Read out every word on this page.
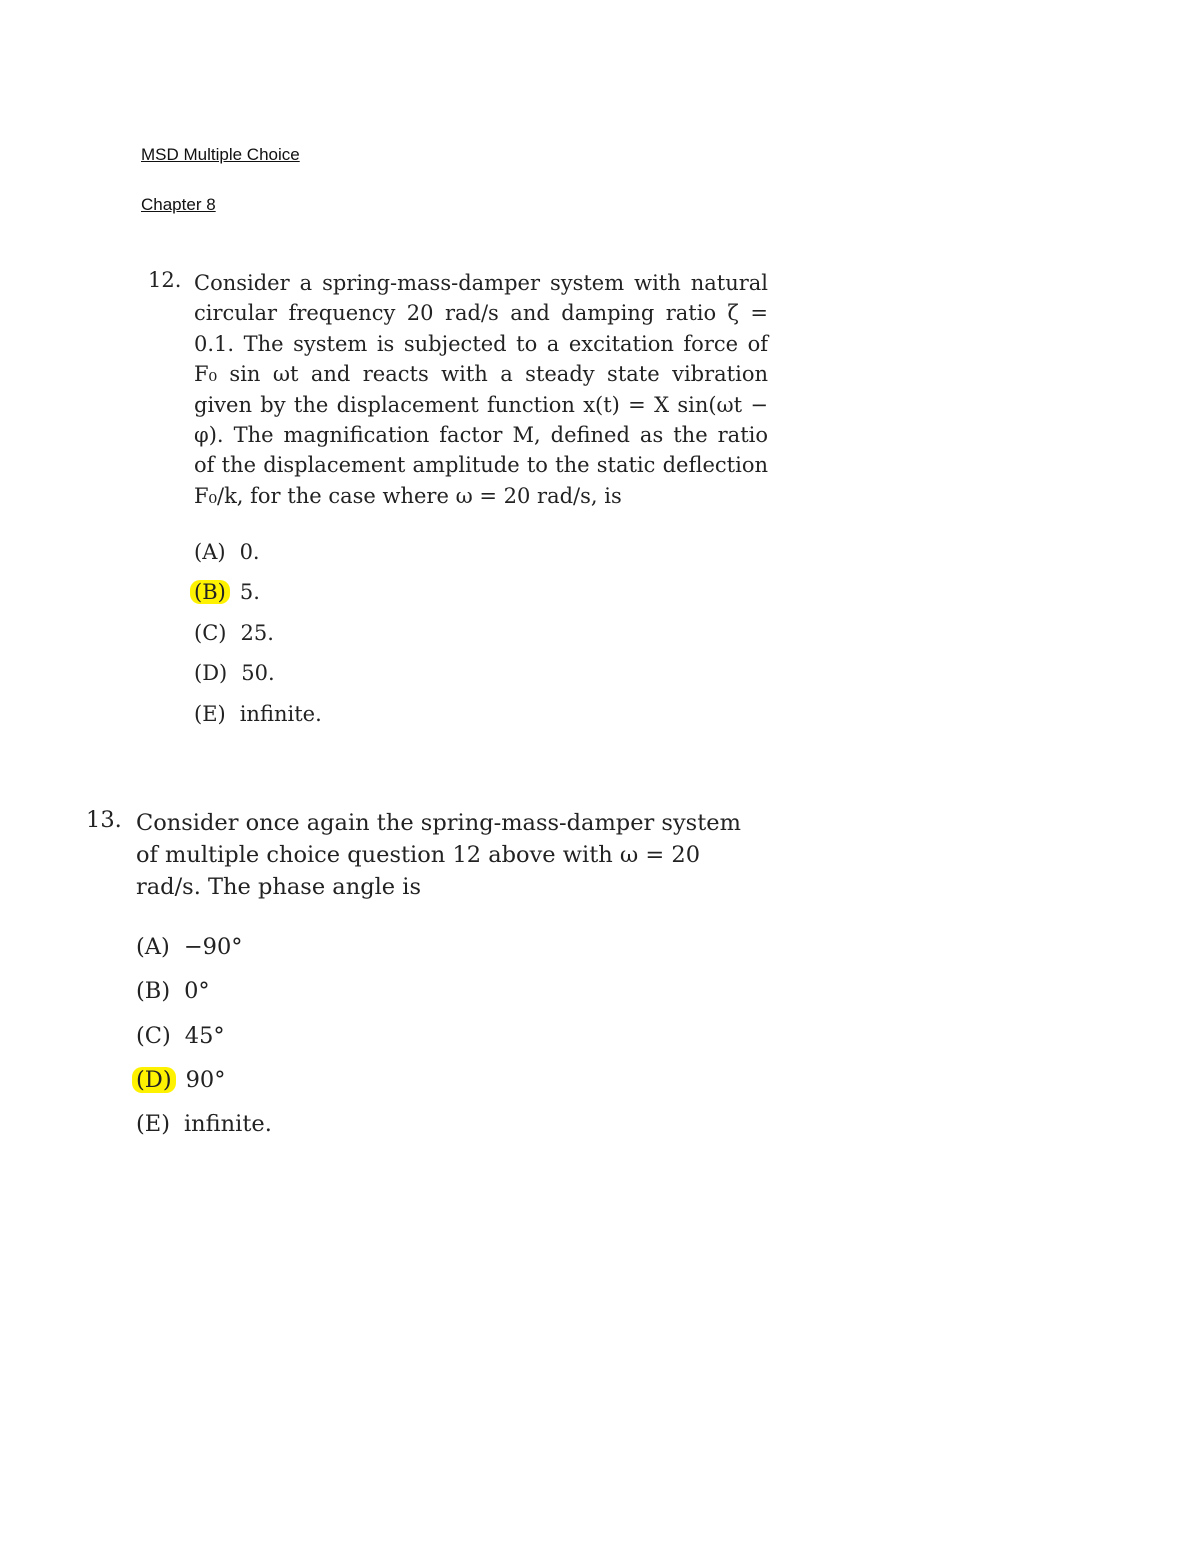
MSD Multiple Choice
Chapter 8
12. Consider a spring-mass-damper system with natural circular frequency 20 rad/s and damping ratio ζ = 0.1. The system is subjected to a excitation force of F₀ sin ωt and reacts with a steady state vibration given by the displacement function x(t) = X sin(ωt − φ). The magnification factor M, defined as the ratio of the displacement amplitude to the static deflection F₀/k, for the case where ω = 20 rad/s, is
(A) 0.
(B) 5.
(C) 25.
(D) 50.
(E) infinite.
13. Consider once again the spring-mass-damper system of multiple choice question 12 above with ω = 20 rad/s. The phase angle is
(A) −90°
(B) 0°
(C) 45°
(D) 90°
(E) infinite.
